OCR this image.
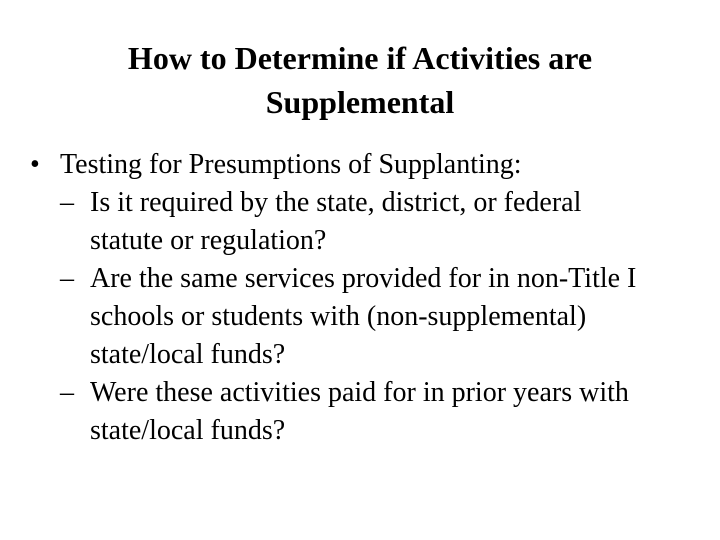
How to Determine if Activities are
Supplemental
• Testing for Presumptions of Supplanting:
– Is it required by the state, district, or federal statute or regulation?
– Are the same services provided for in non-Title I schools or students with (non-supplemental) state/local funds?
– Were these activities paid for in prior years with state/local funds?
